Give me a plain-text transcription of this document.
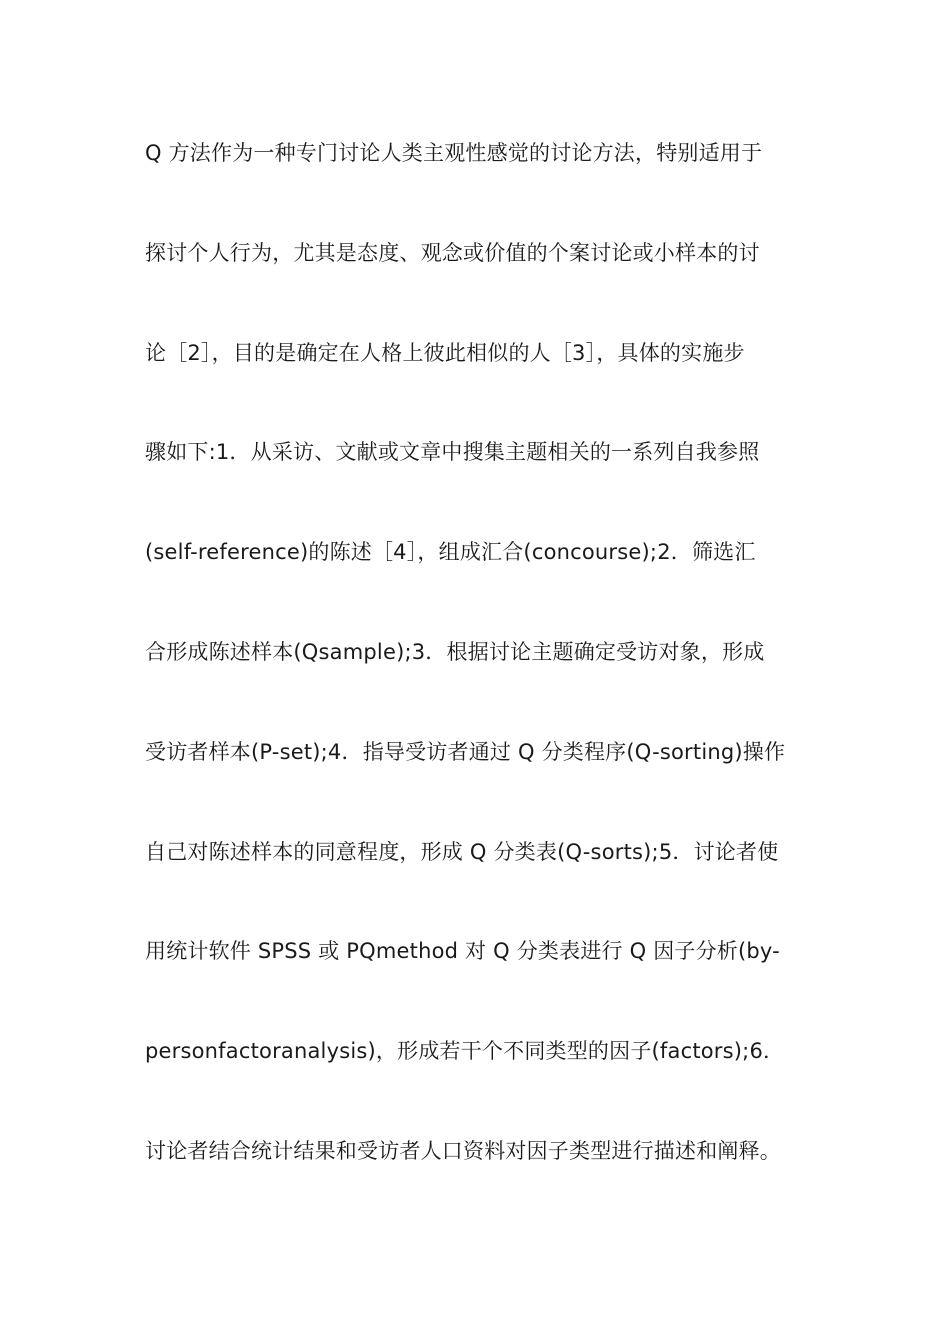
Q 方法作为一种专门讨论人类主观性感觉的讨论方法，特别适用于
探讨个人行为，尤其是态度、观念或价值的个案讨论或小样本的讨
论［2］，目的是确定在人格上彼此相似的人［3］，具体的实施步
骤如下:1．从采访、文献或文章中搜集主题相关的一系列自我参照
(self-reference)的陈述［4］，组成汇合(concourse);2．筛选汇
合形成陈述样本(Qsample);3．根据讨论主题确定受访对象，形成
受访者样本(P-set);4．指导受访者通过 Q 分类程序(Q-sorting)操作
自己对陈述样本的同意程度，形成 Q 分类表(Q-sorts);5．讨论者使
用统计软件 SPSS 或 PQmethod 对 Q 分类表进行 Q 因子分析(by-
personfactoranalysis)，形成若干个不同类型的因子(factors);6．
讨论者结合统计结果和受访者人口资料对因子类型进行描述和阐释。
